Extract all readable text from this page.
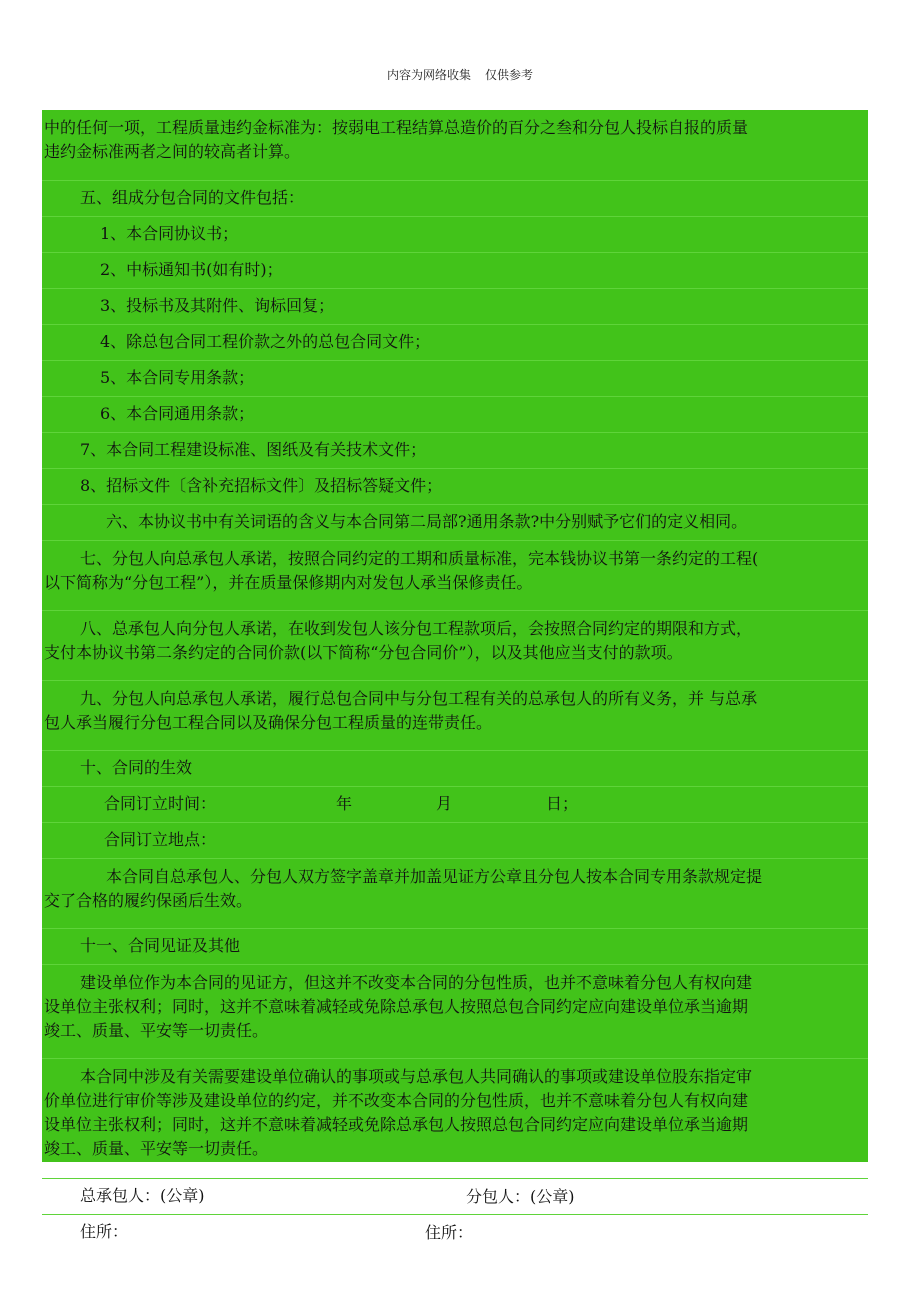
内容为网络收集 仅供参考
中的任何一项，工程质量违约金标准为：按弱电工程结算总造价的百分之叁和分包人投标自报的质量
违约金标准两者之间的较高者计算。
五、组成分包合同的文件包括：
1、本合同协议书；
2、中标通知书(如有时)；
3、投标书及其附件、询标回复；
4、除总包合同工程价款之外的总包合同文件；
5、本合同专用条款；
6、本合同通用条款；
7、本合同工程建设标准、图纸及有关技术文件；
8、招标文件〔含补充招标文件〕及招标答疑文件；
六、本协议书中有关词语的含义与本合同第二局部?通用条款?中分别赋予它们的定义相同。
七、分包人向总承包人承诺，按照合同约定的工期和质量标准，完本钱协议书第一条约定的工程(
以下简称为“分包工程”），并在质量保修期内对发包人承当保修责任。
八、总承包人向分包人承诺，在收到发包人该分包工程款项后，会按照合同约定的期限和方式，
支付本协议书第二条约定的合同价款(以下简称“分包合同价”），以及其他应当支付的款项。
九、分包人向总承包人承诺，履行总包合同中与分包工程有关的总承包人的所有义务，并 与总承
包人承当履行分包工程合同以及确保分包工程质量的连带责任。
十、合同的生效
合同订立时间：	年	月	日；
合同订立地点：
本合同自总承包人、分包人双方签字盖章并加盖见证方公章且分包人按本合同专用条款规定提
交了合格的履约保函后生效。
十一、合同见证及其他
建设单位作为本合同的见证方，但这并不改变本合同的分包性质，也并不意味着分包人有权向建
设单位主张权利；同时，这并不意味着减轻或免除总承包人按照总包合同约定应向建设单位承当逾期
竣工、质量、平安等一切责任。
本合同中涉及有关需要建设单位确认的事项或与总承包人共同确认的事项或建设单位股东指定审
价单位进行审价等涉及建设单位的约定，并不改变本合同的分包性质，也并不意味着分包人有权向建
设单位主张权利；同时，这并不意味着减轻或免除总承包人按照总包合同约定应向建设单位承当逾期
竣工、质量、平安等一切责任。
总承包人：(公章)	分包人：(公章)
住所：	住所：
